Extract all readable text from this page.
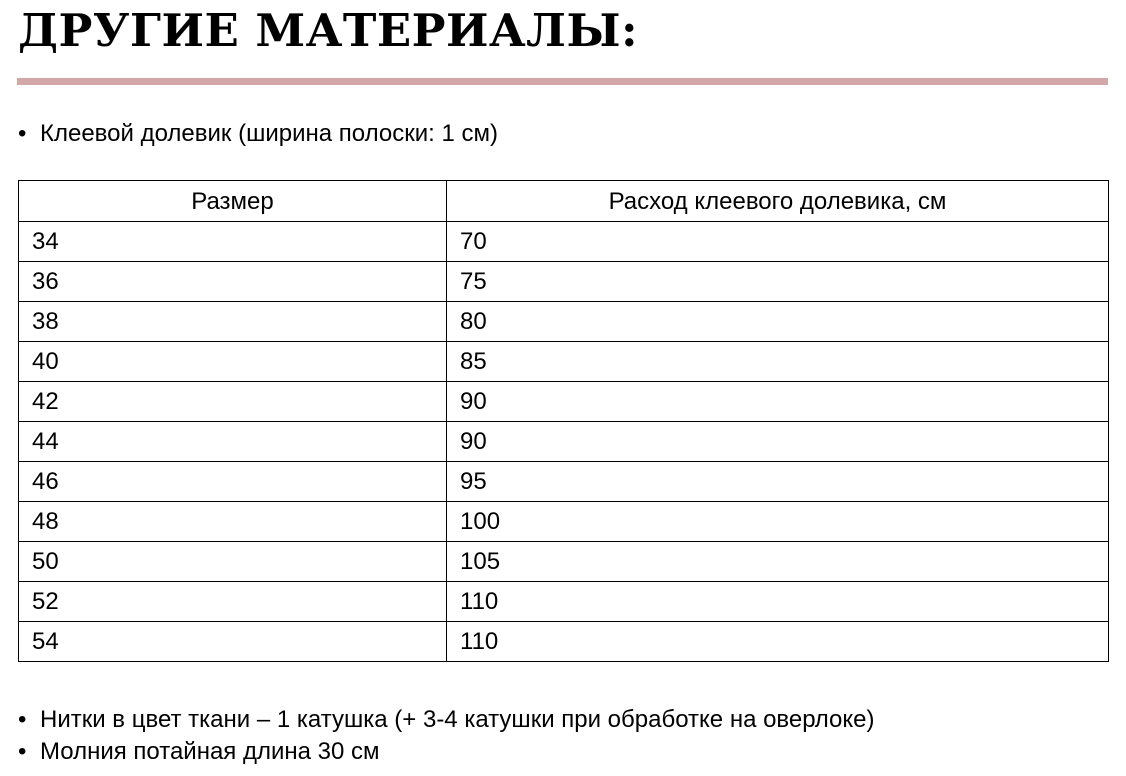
ДРУГИЕ МАТЕРИАЛЫ:
• Клеевой долевик (ширина полоски: 1 см)
Размер	Расход клеевого долевика, см
34	70
36	75
38	80
40	85
42	90
44	90
46	95
48	100
50	105
52	110
54	110
• Нитки в цвет ткани – 1 катушка (+ 3-4 катушки при обработке на оверлоке)
• Молния потайная длина 30 см
